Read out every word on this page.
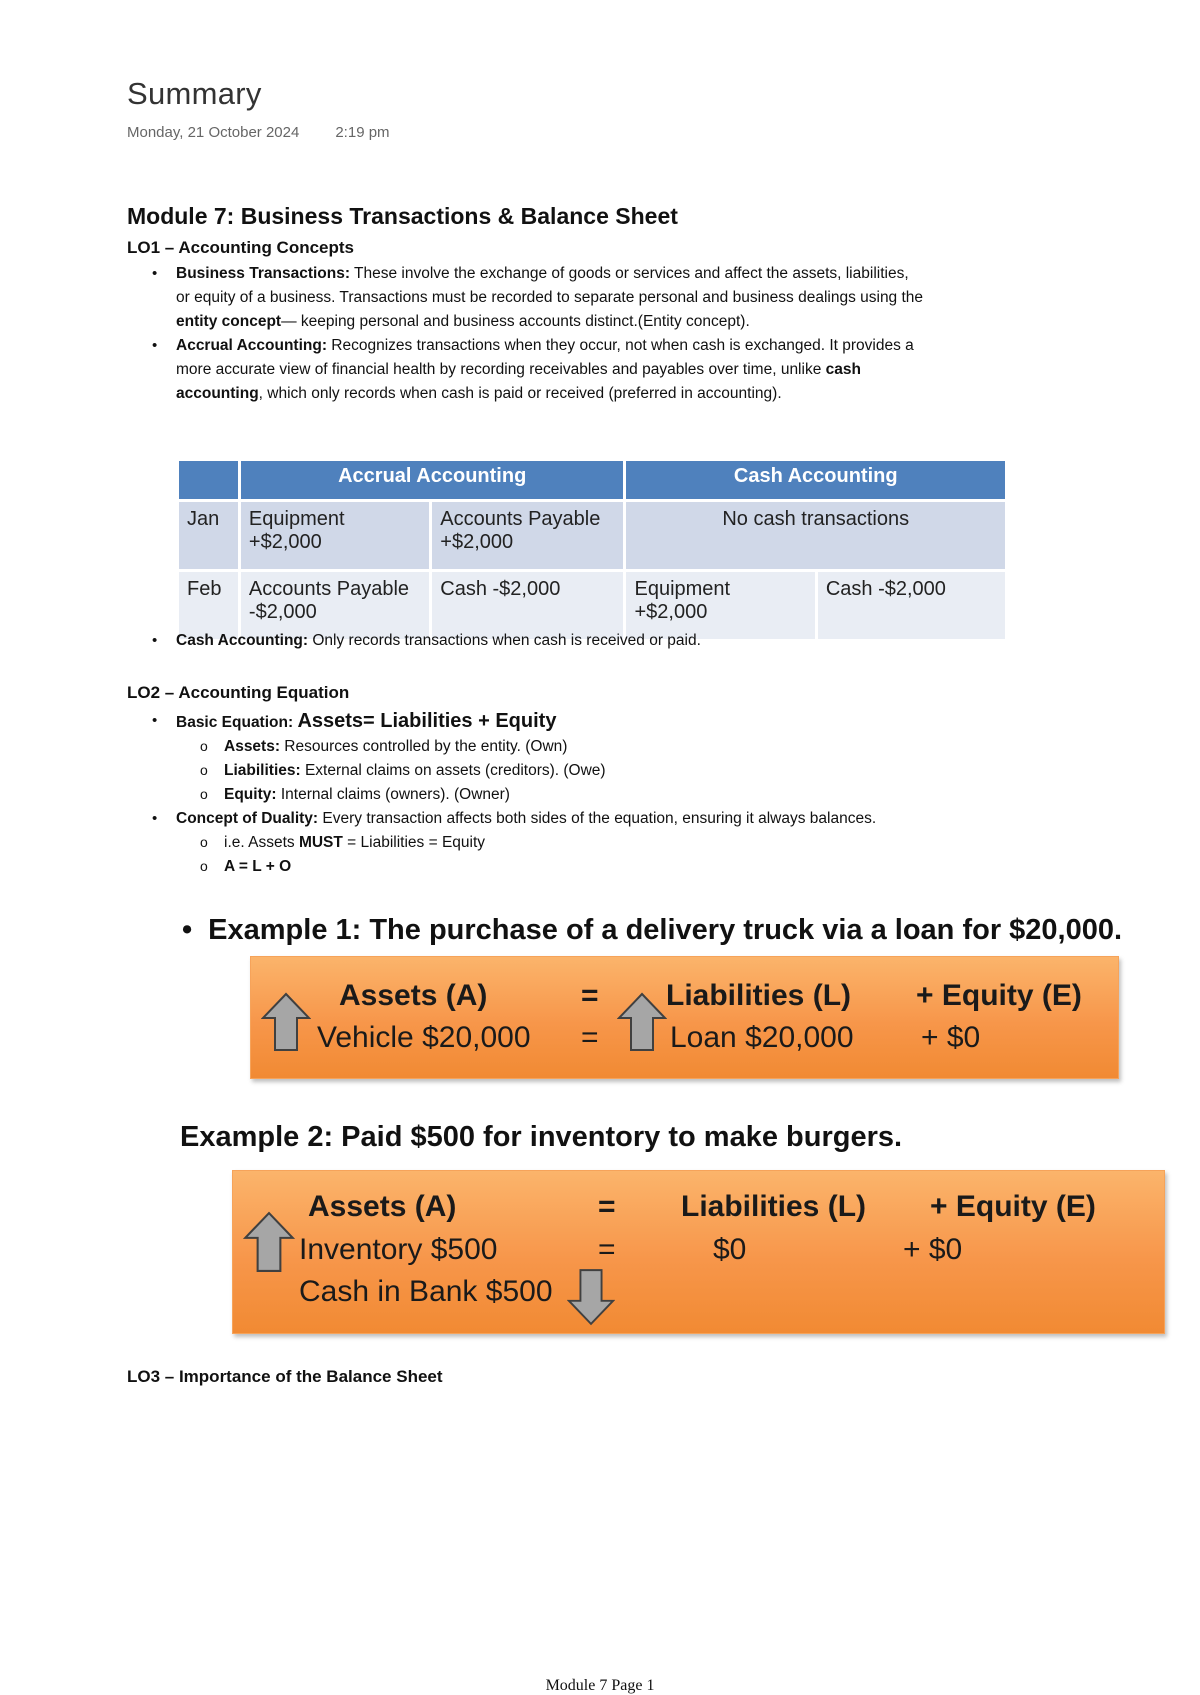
Summary
Monday, 21 October 2024 2:19 pm
Module 7: Business Transactions & Balance Sheet
LO1 – Accounting Concepts
• Business Transactions: These involve the exchange of goods or services and affect the assets, liabilities, or equity of a business. Transactions must be recorded to separate personal and business dealings using the entity concept— keeping personal and business accounts distinct.(Entity concept).
• Accrual Accounting: Recognizes transactions when they occur, not when cash is exchanged. It provides a more accurate view of financial health by recording receivables and payables over time, unlike cash accounting, which only records when cash is paid or received (preferred in accounting).
	Accrual Accounting		Cash Accounting	
Jan	Equipment +$2,000	Accounts Payable +$2,000	No cash transactions	
Feb	Accounts Payable -$2,000	Cash -$2,000	Equipment +$2,000	Cash -$2,000
• Cash Accounting: Only records transactions when cash is received or paid.
LO2 – Accounting Equation
• Basic Equation: Assets= Liabilities + Equity
o Assets: Resources controlled by the entity. (Own)
o Liabilities: External claims on assets (creditors). (Owe)
o Equity: Internal claims (owners). (Owner)
• Concept of Duality: Every transaction affects both sides of the equation, ensuring it always balances.
o i.e. Assets MUST = Liabilities = Equity
o A = L + O
• Example 1: The purchase of a delivery truck via a loan for $20,000.
Assets (A)	= Liabilities (L) + Equity (E)
Vehicle $20,000 = Loan $20,000 + $0
Example 2: Paid $500 for inventory to make burgers.
Assets (A)	= Liabilities (L) + Equity (E)
Inventory $500	=	$0	+ $0
Cash in Bank $500
LO3 – Importance of the Balance Sheet
Module 7 Page 1
